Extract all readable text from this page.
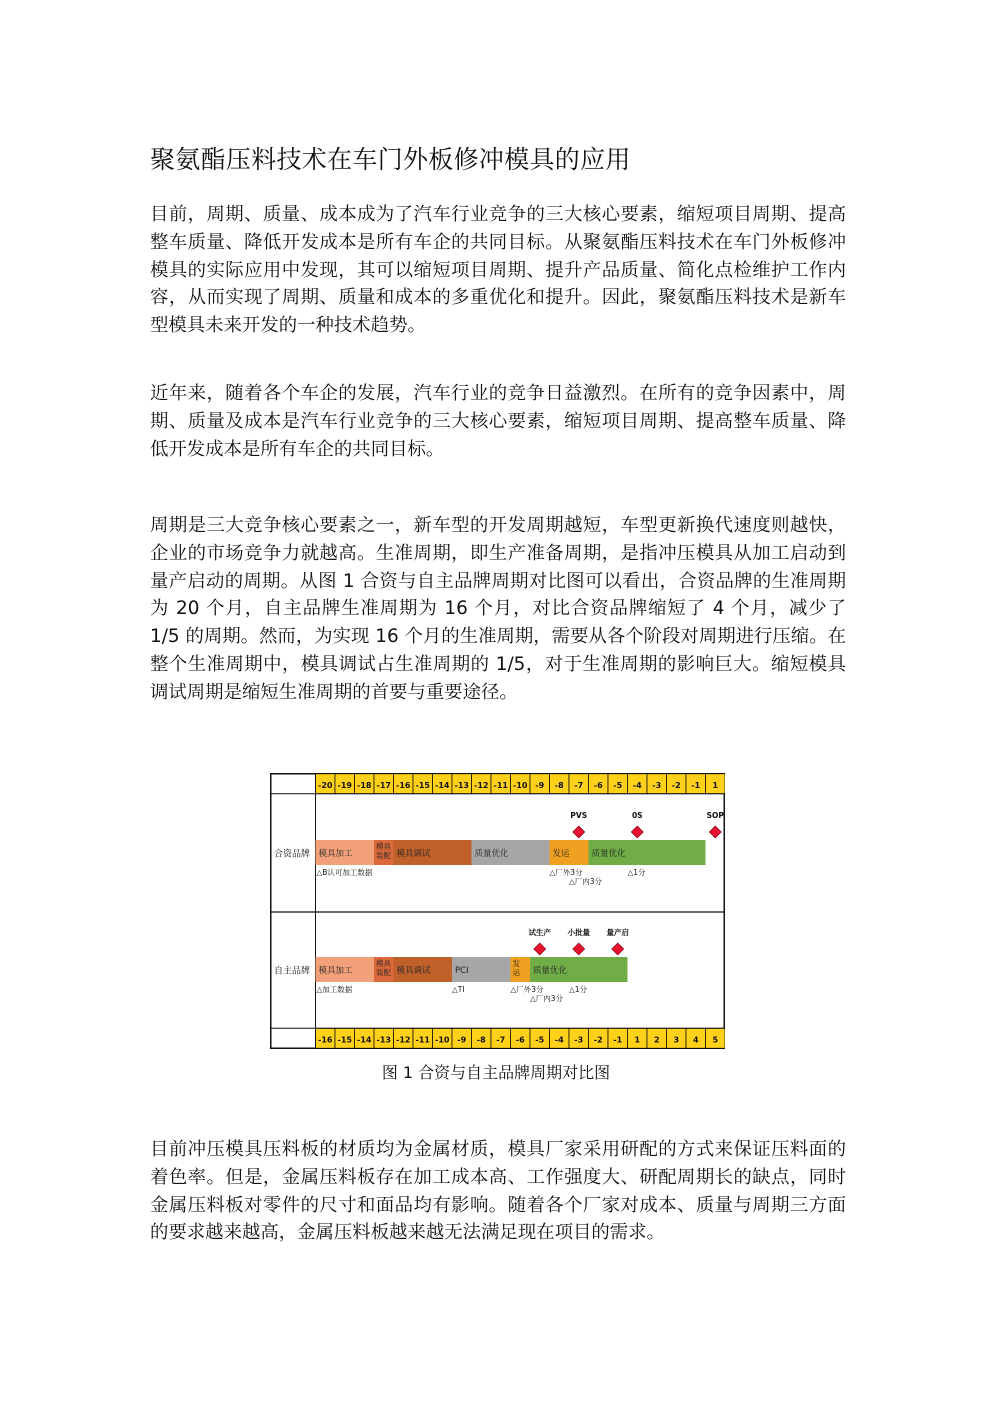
聚氨酯压料技术在车门外板修冲模具的应用

目前，周期、质量、成本成为了汽车行业竞争的三大核心要素，缩短项目周期、提高整车质量、降低开发成本是所有车企的共同目标。从聚氨酯压料技术在车门外板修冲模具的实际应用中发现，其可以缩短项目周期、提升产品质量、简化点检维护工作内容，从而实现了周期、质量和成本的多重优化和提升。因此，聚氨酯压料技术是新车型模具未来开发的一种技术趋势。

近年来，随着各个车企的发展，汽车行业的竞争日益激烈。在所有的竞争因素中，周期、质量及成本是汽车行业竞争的三大核心要素，缩短项目周期、提高整车质量、降低开发成本是所有车企的共同目标。

周期是三大竞争核心要素之一，新车型的开发周期越短，车型更新换代速度则越快，企业的市场竞争力就越高。生准周期，即生产准备周期，是指冲压模具从加工启动到量产启动的周期。从图 1 合资与自主品牌周期对比图可以看出，合资品牌的生准周期为 20 个月，自主品牌生准周期为 16 个月，对比合资品牌缩短了 4 个月，减少了 1/5 的周期。然而，为实现 16 个月的生准周期，需要从各个阶段对周期进行压缩。在整个生准周期中，模具调试占生准周期的 1/5，对于生准周期的影响巨大。缩短模具调试周期是缩短生准周期的首要与重要途径。

-20 -19 -18 -17 -16 -15 -14 -13 -12 -11 -10 -9 -8 -7 -6 -5 -4 -3 -2 -1 1
-16 -15 -14 -13 -12 -11 -10 -9 -8 -7 -6 -5 -4 -3 -2 -1 1 2 3 4 5
合资品牌 模具加工
模具
装配 模具调试	质量优化	发运	质量优化
PVS	0S	SOP
△B认可加工数据	△厂外3分
△厂内3分
△1分
自主品牌 模具加工
模具
装配 模具调试	PCI
发
运 质量优化
试生产 小批量 量产启
△加工数据	△TI	△厂外3分
△厂内3分
△1分
图 1 合资与自主品牌周期对比图

目前冲压模具压料板的材质均为金属材质，模具厂家采用研配的方式来保证压料面的着色率。但是，金属压料板存在加工成本高、工作强度大、研配周期长的缺点，同时金属压料板对零件的尺寸和面品均有影响。随着各个厂家对成本、质量与周期三方面的要求越来越高，金属压料板越来越无法满足现在项目的需求。
